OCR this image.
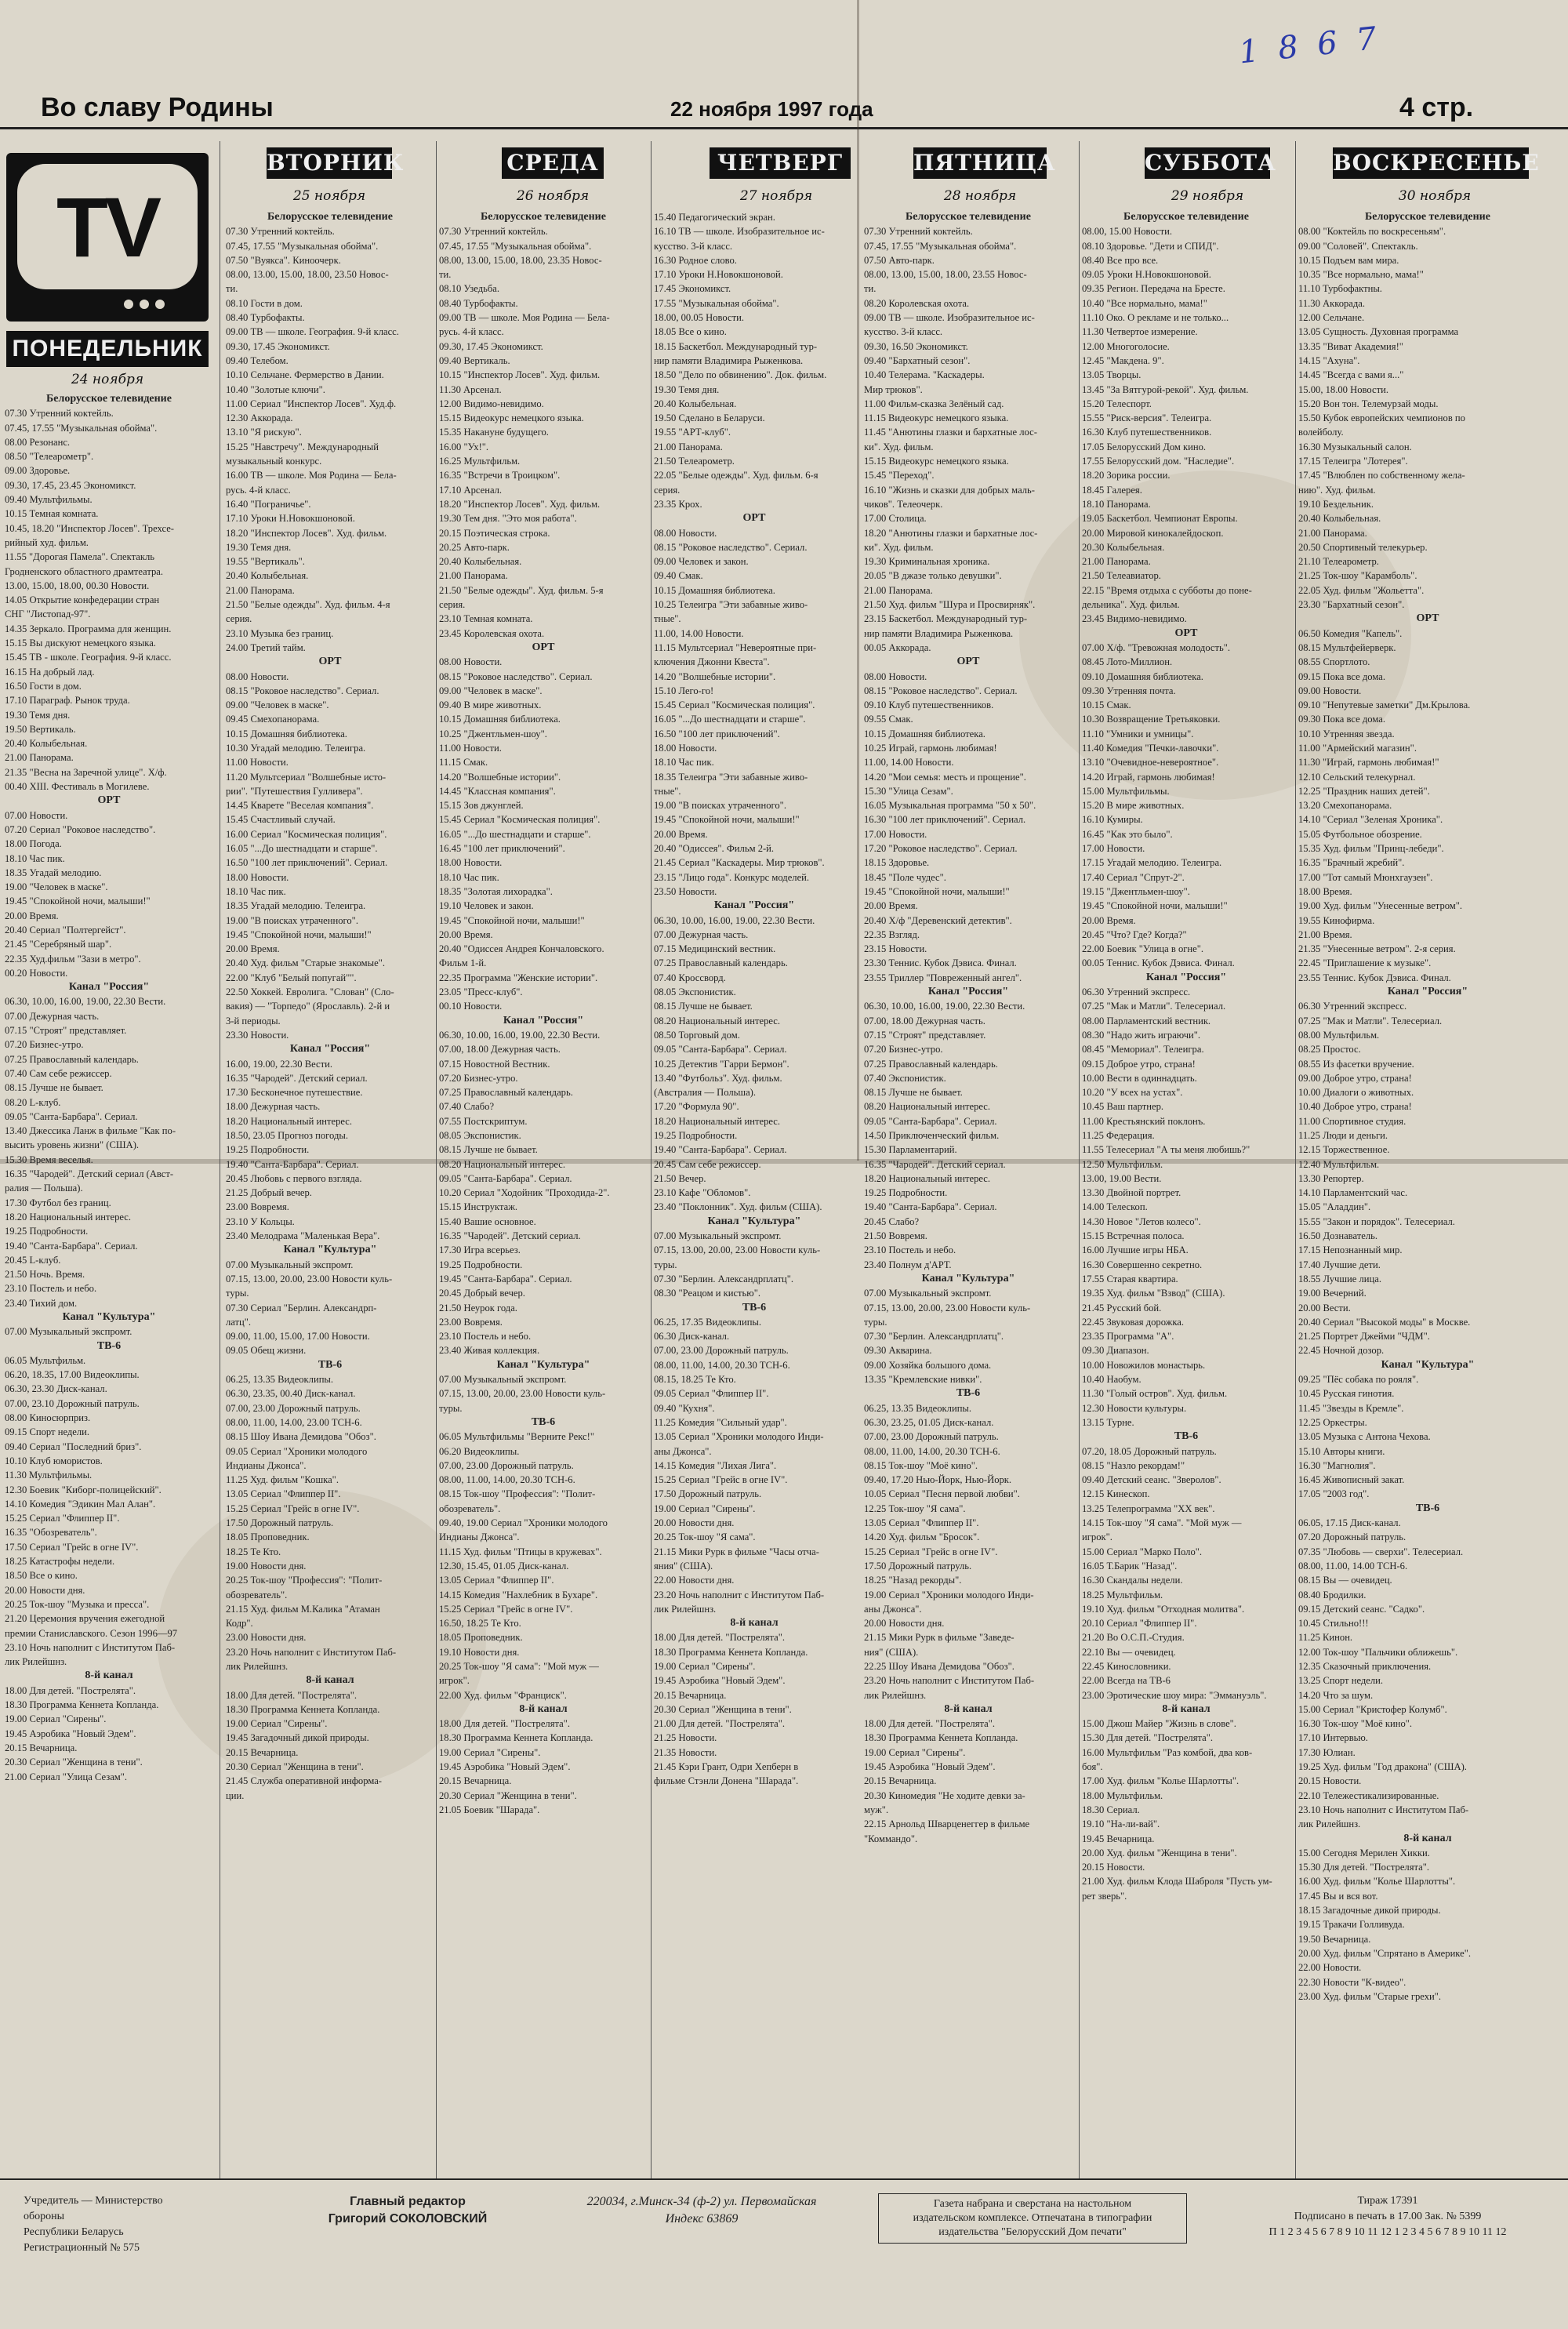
1 8 6 7
Во славу Родины	22 ноября 1997 года	4 стр.
TV
ПОНЕДЕЛЬНИК
24 ноября
ВТОРНИК
25 ноября
СРЕДА
26 ноября
ЧЕТВЕРГ
27 ноября
ПЯТНИЦА
28 ноября
СУББОТА
29 ноября
ВОСКРЕСЕНЬЕ
30 ноября

Белорусское телевидение

07.30 Утренний коктейль.

07.45, 17.55 "Музыкальная обойма".

08.00 Резонанс.

08.50 "Телеарометр".

09.00 Здоровье.

09.30, 17.45, 23.45 Экономикст.

09.40 Мультфильмы.

10.15 Темная комната.

10.45, 18.20 "Инспектор Лосев". Трехсе-

рийный худ. фильм.

11.55 "Дорогая Памела". Спектакль

Гродненского областного драмтеатра.

13.00, 15.00, 18.00, 00.30 Новости.

14.05 Открытие конфедерации стран

СНГ "Листопад-97".

14.35 Зеркало. Программа для женщин.

15.15 Вы дискуют немецкого языка.

15.45 ТВ - школе. География. 9-й класс.

16.15 На добрый лад.

16.50 Гости в дом.

17.10 Параграф. Рынок труда.

19.30 Темя дня.

19.50 Вертикаль.

20.40 Колыбельная.

21.00 Панорама.

21.35 "Весна на Заречной улице". Х/ф.

00.40 XIII. Фестиваль в Могилеве.

ОРТ

07.00 Новости.

07.20 Сериал "Роковое наследство".

18.00 Погода.

18.10 Час пик.

18.35 Угадай мелодию.

19.00 "Человек в маске".

19.45 "Спокойной ночи, малыши!"

20.00 Время.

20.40 Сериал "Полтергейст".

21.45 "Серебряный шар".

22.35 Худ.фильм "Зази в метро".

00.20 Новости.

Канал "Россия"

06.30, 10.00, 16.00, 19.00, 22.30 Вести.

07.00 Дежурная часть.

07.15 "Строят" представляет.

07.20 Бизнес-утро.

07.25 Православный календарь.

07.40 Сам себе режиссер.

08.15 Лучше не бывает.

08.20 L-клуб.

09.05 "Санта-Барбара". Сериал.

13.40 Джессика Ланж в фильме "Как по-

высить уровень жизни" (США).

15.30 Время веселья.

16.35 "Чародей". Детский сериал (Авст-

ралия — Польша).

17.30 Футбол без границ.

18.20 Национальный интерес.

19.25 Подробности.

19.40 "Санта-Барбара". Сериал.

20.45 L-клуб.

21.50 Ночь. Время.

23.10 Постель и небо.

23.40 Тихий дом.

Канал "Культура"

07.00 Музыкальный экспромт.

ТВ-6

06.05 Мультфильм.

06.20, 18.35, 17.00 Видеоклипы.

06.30, 23.30 Диск-канал.

07.00, 23.10 Дорожный патруль.

08.00 Киносюрприз.

09.15 Спорт недели.

09.40 Сериал "Последний бриз".

10.10 Клуб юмористов.

11.30 Мультфильмы.

12.30 Боевик "Киборг-полицейский".

14.10 Комедия "Эдикин Мал Алан".

15.25 Сериал "Флиппер II".

16.35 "Обозреватель".

17.50 Сериал "Грейс в огне IV".

18.25 Катастрофы недели.

18.50 Все о кино.

20.00 Новости дня.

20.25 Ток-шоу "Музыка и пресса".

21.20 Церемония вручения ежегодной

премии Станиславского. Сезон 1996—97

23.10 Ночь наполнит с Институтом Паб-

лик Рилейшнз.

8-й канал

18.00 Для детей. "Пострелята".

18.30 Программа Кеннета Копланда.

19.00 Сериал "Сирены".

19.45 Аэробика "Новый Эдем".

20.15 Вечарница.

20.30 Сериал "Женщина в тени".

21.00 Сериал "Улица Сезам".

Белорусское телевидение

07.30 Утренний коктейль.

07.45, 17.55 "Музыкальная обойма".

07.50 "Вуякса". Киноочерк.

08.00, 13.00, 15.00, 18.00, 23.50 Новос-

ти.

08.10 Гости в дом.

08.40 Турбофакты.

09.00 ТВ — школе. География. 9-й класс.

09.30, 17.45 Экономикст.

09.40 Телебом.

10.10 Сельчане. Фермерство в Дании.

10.40 "Золотые ключи".

11.00 Сериал "Инспектор Лосев". Худ.ф.

12.30 Аккорада.

13.10 "Я рискую".

15.25 "Навстречу". Международный

музыкальный конкурс.

16.00 ТВ — школе. Моя Родина — Бела-

русь. 4-й класс.

16.40 "Пограничье".

17.10 Уроки Н.Новокшоновой.

18.20 "Инспектор Лосев". Худ. фильм.

19.30 Темя дня.

19.55 "Вертикаль".

20.40 Колыбельная.

21.00 Панорама.

21.50 "Белые одежды". Худ. фильм. 4-я

серия.

23.10 Музыка без границ.

24.00 Третий тайм.

ОРТ

08.00 Новости.

08.15 "Роковое наследство". Сериал.

09.00 "Человек в маске".

09.45 Смехопанорама.

10.15 Домашняя библиотека.

10.30 Угадай мелодию. Телеигра.

11.00 Новости.

11.20 Мультсериал "Волшебные исто-

рии". "Путешествия Гулливера".

14.45 Кварете "Веселая компания".

15.45 Счастливый случай.

16.00 Сериал "Космическая полиция".

16.05 "...До шестнадцати и старше".

16.50 "100 лет приключений". Сериал.

18.00 Новости.

18.10 Час пик.

18.35 Угадай мелодию. Телеигра.

19.00 "В поисках утраченного".

19.45 "Спокойной ночи, малыши!"

20.00 Время.

20.40 Худ. фильм "Старые знакомые".

22.00 "Клуб "Белый попугай"".

22.50 Хоккей. Евролига. "Слован" (Сло-

вакия) — "Торпедо" (Ярославль). 2-й и

3-й периоды.

23.30 Новости.

Канал "Россия"

16.00, 19.00, 22.30 Вести.

16.35 "Чародей". Детский сериал.

17.30 Бесконечное путешествие.

18.00 Дежурная часть.

18.20 Национальный интерес.

18.50, 23.05 Прогноз погоды.

19.25 Подробности.

19.40 "Санта-Барбара". Сериал.

20.45 Любовь с первого взгляда.

21.25 Добрый вечер.

23.00 Вовремя.

23.10 У Кольцы.

23.40 Мелодрама "Маленькая Вера".

Канал "Культура"

07.00 Музыкальный экспромт.

07.15, 13.00, 20.00, 23.00 Новости куль-

туры.

07.30 Сериал "Берлин. Александрп-

латц".

09.00, 11.00, 15.00, 17.00 Новости.

09.05 Обещ жизни.

ТВ-6

06.25, 13.35 Видеоклипы.

06.30, 23.35, 00.40 Диск-канал.

07.00, 23.00 Дорожный патруль.

08.00, 11.00, 14.00, 23.00 ТСН-6.

08.15 Шоу Ивана Демидова "Обоз".

09.05 Сериал "Хроники молодого

Индианы Джонса".

11.25 Худ. фильм "Кошка".

13.05 Сериал "Флиппер II".

15.25 Сериал "Грейс в огне IV".

17.50 Дорожный патруль.

18.05 Проповедник.

18.25 Те Кто.

19.00 Новости дня.

20.25 Ток-шоу "Профессия": "Полит-

обозреватель".

21.15 Худ. фильм М.Калика "Атаман

Кодр".

23.00 Новости дня.

23.20 Ночь наполнит с Институтом Паб-

лик Рилейшнз.

8-й канал

18.00 Для детей. "Пострелята".

18.30 Программа Кеннета Копланда.

19.00 Сериал "Сирены".

19.45 Загадочный дикой природы.

20.15 Вечарница.

20.30 Сериал "Женщина в тени".

21.45 Служба оперативной информа-

ции.

Белорусское телевидение

07.30 Утренний коктейль.

07.45, 17.55 "Музыкальная обойма".

08.00, 13.00, 15.00, 18.00, 23.35 Новос-

ти.

08.10 Узедьба.

08.40 Турбофакты.

09.00 ТВ — школе. Моя Родина — Бела-

русь. 4-й класс.

09.30, 17.45 Экономикст.

09.40 Вертикаль.

10.15 "Инспектор Лосев". Худ. фильм.

11.30 Арсенал.

12.00 Видимо-невидимо.

15.15 Видеокурс немецкого языка.

15.35 Накануне будущего.

16.00 "Ух!".

16.25 Мультфильм.

16.35 "Встречи в Троицком".

17.10 Арсенал.

18.20 "Инспектор Лосев". Худ. фильм.

19.30 Тем дня. "Это моя работа".

20.15 Поэтическая строка.

20.25 Авто-парк.

20.40 Колыбельная.

21.00 Панорама.

21.50 "Белые одежды". Худ. фильм. 5-я

серия.

23.10 Темная комната.

23.45 Королевская охота.

ОРТ

08.00 Новости.

08.15 "Роковое наследство". Сериал.

09.00 "Человек в маске".

09.40 В мире животных.

10.15 Домашняя библиотека.

10.25 "Джентльмен-шоу".

11.00 Новости.

11.15 Смак.

14.20 "Волшебные истории".

14.45 "Классная компания".

15.15 Зов джунглей.

15.45 Сериал "Космическая полиция".

16.05 "...До шестнадцати и старше".

16.45 "100 лет приключений".

18.00 Новости.

18.10 Час пик.

18.35 "Золотая лихорадка".

19.10 Человек и закон.

19.45 "Спокойной ночи, малыши!"

20.00 Время.

20.40 "Одиссея Андрея Кончаловского.

Фильм 1-й.

22.35 Программа "Женские истории".

23.05 "Пресс-клуб".

00.10 Новости.

Канал "Россия"

06.30, 10.00, 16.00, 19.00, 22.30 Вести.

07.00, 18.00 Дежурная часть.

07.15 Новостной Вестник.

07.20 Бизнес-утро.

07.25 Православный календарь.

07.40 Слабо?

07.55 Постскриптум.

08.05 Экспонистик.

08.15 Лучше не бывает.

08.20 Национальный интерес.

09.05 "Санта-Барбара". Сериал.

10.20 Сериал "Ходойник "Проходида-2".

15.15 Инструктаж.

15.40 Вашие основное.

16.35 "Чародей". Детский сериал.

17.30 Игра всерьез.

19.25 Подробности.

19.45 "Санта-Барбара". Сериал.

20.45 Добрый вечер.

21.50 Неурок года.

23.00 Вовремя.

23.10 Постель и небо.

23.40 Живая коллекция.

Канал "Культура"

07.00 Музыкальный экспромт.

07.15, 13.00, 20.00, 23.00 Новости куль-

туры.

ТВ-6

06.05 Мультфильмы "Верните Рекс!"

06.20 Видеоклипы.

07.00, 23.00 Дорожный патруль.

08.00, 11.00, 14.00, 20.30 ТСН-6.

08.15 Ток-шоу "Профессия": "Полит-

обозреватель".

09.40, 19.00 Сериал "Хроники молодого

Индианы Джонса".

11.15 Худ. фильм "Птицы в кружевах".

12.30, 15.45, 01.05 Диск-канал.

13.05 Сериал "Флиппер II".

14.15 Комедия "Нахлебник в Бухаре".

15.25 Сериал "Грейс в огне IV".

16.50, 18.25 Те Кто.

18.05 Проповедник.

19.10 Новости дня.

20.25 Ток-шоу "Я сама": "Мой муж —

игрок".

22.00 Худ. фильм "Франциск".

8-й канал

18.00 Для детей. "Пострелята".

18.30 Программа Кеннета Копланда.

19.00 Сериал "Сирены".

19.45 Аэробика "Новый Эдем".

20.15 Вечарница.

20.30 Сериал "Женщина в тени".

21.05 Боевик "Шарада".

15.40 Педагогический экран.

16.10 ТВ — школе. Изобразительное ис-

кусство. 3-й класс.

16.30 Родное слово.

17.10 Уроки Н.Новокшоновой.

17.45 Экономикст.

17.55 "Музыкальная обойма".

18.00, 00.05 Новости.

18.05 Все о кино.

18.15 Баскетбол. Международный тур-

нир памяти Владимира Рыженкова.

18.50 "Дело по обвинению". Док. фильм.

19.30 Темя дня.

20.40 Колыбельная.

19.50 Сделано в Беларуси.

19.55 "АРТ-клуб".

21.00 Панорама.

21.50 Телеарометр.

22.05 "Белые одежды". Худ. фильм. 6-я

серия.

23.35 Крох.

ОРТ

08.00 Новости.

08.15 "Роковое наследство". Сериал.

09.00 Человек и закон.

09.40 Смак.

10.15 Домашняя библиотека.

10.25 Телеигра "Эти забавные живо-

тные".

11.00, 14.00 Новости.

11.15 Мультсериал "Невероятные при-

ключения Джонни Квеста".

14.20 "Волшебные истории".

15.10 Лего-го!

15.45 Сериал "Космическая полиция".

16.05 "...До шестнадцати и старше".

16.50 "100 лет приключений".

18.00 Новости.

18.10 Час пик.

18.35 Телеигра "Эти забавные живо-

тные".

19.00 "В поисках утраченного".

19.45 "Спокойной ночи, малыши!"

20.00 Время.

20.40 "Одиссея". Фильм 2-й.

21.45 Сериал "Каскадеры. Мир трюков".

23.15 "Лицо года". Конкурс моделей.

23.50 Новости.

Канал "Россия"

06.30, 10.00, 16.00, 19.00, 22.30 Вести.

07.00 Дежурная часть.

07.15 Медицинский вестник.

07.25 Православный календарь.

07.40 Кроссворд.

08.05 Экспонистик.

08.15 Лучше не бывает.

08.20 Национальный интерес.

08.50 Торговый дом.

09.05 "Санта-Барбара". Сериал.

10.25 Детектив "Гарри Бермон".

13.40 "Футбольз". Худ. фильм.

(Австралия — Польша).

17.20 "Формула 90".

18.20 Национальный интерес.

19.25 Подробности.

19.40 "Санта-Барбара". Сериал.

20.45 Сам себе режиссер.

21.50 Вечер.

23.10 Кафе "Обломов".

23.40 "Поклонник". Худ. фильм (США).

Канал "Культура"

07.00 Музыкальный экспромт.

07.15, 13.00, 20.00, 23.00 Новости куль-

туры.

07.30 "Берлин. Александрплатц".

08.30 "Реацом и кистью".

ТВ-6

06.25, 17.35 Видеоклипы.

06.30 Диск-канал.

07.00, 23.00 Дорожный патруль.

08.00, 11.00, 14.00, 20.30 ТСН-6.

08.15, 18.25 Те Кто.

09.05 Сериал "Флиппер II".

09.40 "Кухня".

11.25 Комедия "Сильный удар".

13.05 Сериал "Хроники молодого Инди-

аны Джонса".

14.15 Комедия "Лихая Лига".

15.25 Сериал "Грейс в огне IV".

17.50 Дорожный патруль.

19.00 Сериал "Сирены".

20.00 Новости дня.

20.25 Ток-шоу "Я сама".

21.15 Мики Рурк в фильме "Часы отча-

яния" (США).

22.00 Новости дня.

23.20 Ночь наполнит с Институтом Паб-

лик Рилейшнз.

8-й канал

18.00 Для детей. "Пострелята".

18.30 Программа Кеннета Копланда.

19.00 Сериал "Сирены".

19.45 Аэробика "Новый Эдем".

20.15 Вечарница.

20.30 Сериал "Женщина в тени".

21.00 Для детей. "Пострелята".

21.25 Новости.

21.35 Новости.

21.45 Кэри Грант, Одри Хепберн в

фильме Стэнли Донена "Шарада".

Белорусское телевидение

07.30 Утренний коктейль.

07.45, 17.55 "Музыкальная обойма".

07.50 Авто-парк.

08.00, 13.00, 15.00, 18.00, 23.55 Новос-

ти.

08.20 Королевская охота.

09.00 ТВ — школе. Изобразительное ис-

кусство. 3-й класс.

09.30, 16.50 Экономикст.

09.40 "Бархатный сезон".

10.40 Телерама. "Каскадеры.

Мир трюков".

11.00 Фильм-сказка Зелёный сад.

11.15 Видеокурс немецкого языка.

11.45 "Анютины глазки и бархатные лос-

ки". Худ. фильм.

15.15 Видеокурс немецкого языка.

15.45 "Переход".

16.10 "Жизнь и сказки для добрых маль-

чиков". Телеочерк.

17.00 Столица.

18.20 "Анютины глазки и бархатные лос-

ки". Худ. фильм.

19.30 Криминальная хроника.

20.05 "В джазе только девушки".

21.00 Панорама.

21.50 Худ. фильм "Шура и Просвирняк".

23.15 Баскетбол. Международный тур-

нир памяти Владимира Рыженкова.

00.05 Аккорада.

ОРТ

08.00 Новости.

08.15 "Роковое наследство". Сериал.

09.10 Клуб путешественников.

09.55 Смак.

10.15 Домашняя библиотека.

10.25 Играй, гармонь любимая!

11.00, 14.00 Новости.

14.20 "Мои семья: месть и прощение".

15.30 "Улица Сезам".

16.05 Музыкальная программа "50 х 50".

16.30 "100 лет приключений". Сериал.

17.00 Новости.

17.20 "Роковое наследство". Сериал.

18.15 Здоровье.

18.45 "Поле чудес".

19.45 "Спокойной ночи, малыши!"

20.00 Время.

20.40 Х/ф "Деревенский детектив".

22.35 Взгляд.

23.15 Новости.

23.30 Теннис. Кубок Дэвиса. Финал.

23.55 Триллер "Повреженный ангел".

Канал "Россия"

06.30, 10.00, 16.00, 19.00, 22.30 Вести.

07.00, 18.00 Дежурная часть.

07.15 "Строят" представляет.

07.20 Бизнес-утро.

07.25 Православный календарь.

07.40 Экспонистик.

08.15 Лучше не бывает.

08.20 Национальный интерес.

09.05 "Санта-Барбара". Сериал.

14.50 Приключенческий фильм.

15.30 Парламентарий.

16.35 "Чародей". Детский сериал.

18.20 Национальный интерес.

19.25 Подробности.

19.40 "Санта-Барбара". Сериал.

20.45 Слабо?

21.50 Вовремя.

23.10 Постель и небо.

23.40 Полнум д'АРТ.

Канал "Культура"

07.00 Музыкальный экспромт.

07.15, 13.00, 20.00, 23.00 Новости куль-

туры.

07.30 "Берлин. Александрплатц".

09.30 Акварина.

09.00 Хозяйка большого дома.

13.35 "Кремлевские нивки".

ТВ-6

06.25, 13.35 Видеоклипы.

06.30, 23.25, 01.05 Диск-канал.

07.00, 23.00 Дорожный патруль.

08.00, 11.00, 14.00, 20.30 ТСН-6.

08.15 Ток-шоу "Моё кино".

09.40, 17.20 Нью-Йорк, Нью-Йорк.

10.05 Сериал "Песня первой любви".

12.25 Ток-шоу "Я сама".

13.05 Сериал "Флиппер II".

14.20 Худ. фильм "Бросок".

15.25 Сериал "Грейс в огне IV".

17.50 Дорожный патруль.

18.25 "Назад рекорды".

19.00 Сериал "Хроники молодого Инди-

аны Джонса".

20.00 Новости дня.

21.15 Мики Рурк в фильме "Заведе-

ния" (США).

22.25 Шоу Ивана Демидова "Обоз".

23.20 Ночь наполнит с Институтом Паб-

лик Рилейшнз.

8-й канал

18.00 Для детей. "Пострелята".

18.30 Программа Кеннета Копланда.

19.00 Сериал "Сирены".

19.45 Аэробика "Новый Эдем".

20.15 Вечарница.

20.30 Киномедия "Не ходите девки за-

муж".

22.15 Арнольд Шварценеггер в фильме

"Коммандо".

Белорусское телевидение

08.00, 15.00 Новости.

08.10 Здоровье. "Дети и СПИД".

08.40 Все про все.

09.05 Уроки Н.Новокшоновой.

09.35 Регион. Передача на Бресте.

10.40 "Все нормально, мама!"

11.10 Око. О рекламе и не только...

11.30 Четвертое измерение.

12.00 Многоголосие.

12.45 "Макдена. 9".

13.05 Творцы.

13.45 "За Вятгурой-рекой". Худ. фильм.

15.20 Телеспорт.

15.55 "Риск-версия". Телеигра.

16.30 Клуб путешественников.

17.05 Белорусский Дом кино.

17.55 Белорусский дом. "Наследие".

18.20 Зорика россии.

18.45 Галерея.

18.10 Панорама.

19.05 Баскетбол. Чемпионат Европы.

20.00 Мировой кинокалейдоскоп.

20.30 Колыбельная.

21.00 Панорама.

21.50 Телеавиатор.

22.15 "Время отдыха с субботы до поне-

дельника". Худ. фильм.

23.45 Видимо-невидимо.

ОРТ

07.00 Х/ф. "Тревожная молодость".

08.45 Лото-Миллион.

09.10 Домашняя библиотека.

09.30 Утренняя почта.

10.15 Смак.

10.30 Возвращение Третьяковки.

11.10 "Умники и умницы".

11.40 Комедия "Печки-лавочки".

13.10 "Очевидное-невероятное".

14.20 Играй, гармонь любимая!

15.00 Мультфильмы.

15.20 В мире животных.

16.10 Кумиры.

16.45 "Как это было".

17.00 Новости.

17.15 Угадай мелодию. Телеигра.

17.40 Сериал "Спрут-2".

19.15 "Джентльмен-шоу".

19.45 "Спокойной ночи, малыши!"

20.00 Время.

20.45 "Что? Где? Когда?"

22.00 Боевик "Улица в огне".

00.05 Теннис. Кубок Дэвиса. Финал.

Канал "Россия"

06.30 Утренний экспресс.

07.25 "Мак и Матли". Телесериал.

08.00 Парламентский вестник.

08.30 "Надо жить играючи".

08.45 "Мемориал". Телеигра.

09.15 Доброе утро, страна!

10.00 Вести в одиннадцать.

10.20 "У всех на устах".

10.45 Ваш партнер.

11.00 Крестьянский поклонъ.

11.25 Федерация.

11.55 Телесериал "А ты меня любишь?"

12.50 Мультфильм.

13.00, 19.00 Вести.

13.30 Двойной портрет.

14.00 Телескоп.

14.30 Новое "Летов колесо".

15.15 Встречная полоса.

16.00 Лучшие игры НБА.

16.30 Совершенно секретно.

17.55 Старая квартира.

19.35 Худ. фильм "Взвод" (США).

21.45 Русский бой.

22.45 Звуковая дорожка.

23.35 Программа "А".

09.30 Диапазон.

10.00 Новожилов монастырь.

10.40 Наобум.

11.30 "Голый остров". Худ. фильм.

12.30 Новости культуры.

13.15 Турне.

ТВ-6

07.20, 18.05 Дорожный патруль.

08.15 "Назло рекордам!"

09.40 Детский сеанс. "Зверолов".

12.15 Кинескоп.

13.25 Телепрограмма "XX век".

14.15 Ток-шоу "Я сама". "Мой муж —

игрок".

15.00 Сериал "Марко Поло".

16.05 Т.Барик "Назад".

16.30 Скандалы недели.

18.25 Мультфильм.

19.10 Худ. фильм "Отходная молитва".

20.10 Сериал "Флиппер II".

21.20 Во О.С.П.-Студия.

22.10 Вы — очевидец.

22.45 Кинословники.

22.00 Всегда на ТВ-6

23.00 Эротические шоу мира: "Эммануэль".

8-й канал

15.00 Джош Майер "Жизнь в слове".

15.30 Для детей. "Пострелята".

16.00 Мультфильм "Раз комбой, два ков-

боя".

17.00 Худ. фильм "Колье Шарлотты".

18.00 Мультфильм.

18.30 Сериал.

19.10 "На-ли-вай".

19.45 Вечарница.

20.00 Худ. фильм "Женщина в тени".

20.15 Новости.

21.00 Худ. фильм Клода Шаброля "Пусть ум-

рет зверь".

Белорусское телевидение

08.00 "Коктейль по воскресеньям".

09.00 "Соловей". Спектакль.

10.15 Подъем вам мира.

10.35 "Все нормально, мама!"

11.10 Турбофактны.

11.30 Аккорада.

12.00 Сельчане.

13.05 Сущность. Духовная программа

13.35 "Виват Академия!"

14.15 "Ахуна".

14.45 "Всегда с вами я..."

15.00, 18.00 Новости.

15.20 Вон тон. Телемурзай моды.

15.50 Кубок европейских чемпионов по

волейболу.

16.30 Музыкальный салон.

17.15 Телеигра "Лотерея".

17.45 "Влюблен по собственному жела-

нию". Худ. фильм.

19.10 Бездельник.

20.40 Колыбельная.

21.00 Панорама.

20.50 Спортивный телекурьер.

21.10 Телеарометр.

21.25 Ток-шоу "Карамболь".

22.05 Худ. фильм "Жольетта".

23.30 "Бархатный сезон".

ОРТ

06.50 Комедия "Капель".

08.15 Мультфейерверк.

08.55 Спортлото.

09.15 Пока все дома.

09.00 Новости.

09.10 "Непутевые заметки" Дм.Крылова.

09.30 Пока все дома.

10.10 Утренняя звезда.

11.00 "Армейский магазин".

11.30 "Играй, гармонь любимая!"

12.10 Сельский телекурнал.

12.25 "Праздник наших детей".

13.20 Смехопанорама.

14.10 "Сериал "Зеленая Хроника".

15.05 Футбольное обозрение.

15.35 Худ. фильм "Принц-лебеди".

16.35 "Брачный жребий".

17.00 "Тот самый Мюнхгаузен".

18.00 Время.

19.00 Худ. фильм "Унесенные ветром".

19.55 Кинофирма.

21.00 Время.

21.35 "Унесенные ветром". 2-я серия.

22.45 "Приглашение к музыке".

23.55 Теннис. Кубок Дэвиса. Финал.

Канал "Россия"

06.30 Утренний экспресс.

07.25 "Мак и Матли". Телесериал.

08.00 Мультфильм.

08.25 Простос.

08.55 Из фасетки вручение.

09.00 Доброе утро, страна!

10.00 Диалоги о животных.

10.40 Доброе утро, страна!

11.00 Спортивное студия.

11.25 Люди и деньги.

12.15 Торжественное.

12.40 Мультфильм.

13.30 Репортер.

14.10 Парламентский час.

15.05 "Аладдин".

15.55 "Закон и порядок". Телесериал.

16.50 Дознаватель.

17.15 Непознанный мир.

17.40 Лучшие дети.

18.55 Лучшие лица.

19.00 Вечерний.

20.00 Вести.

20.40 Сериал "Высокой моды" в Москве.

21.25 Портрет Джейми "ЧДМ".

22.45 Ночной дозор.

Канал "Культура"

09.25 "Пёс собака по рояля".

10.45 Русская гинотия.

11.45 "Звезды в Кремле".

12.25 Оркестры.

13.05 Музыка с Антона Чехова.

15.10 Авторы книги.

16.30 "Магнолия".

16.45 Живописный закат.

17.05 "2003 год".

ТВ-6

06.05, 17.15 Диск-канал.

07.20 Дорожный патруль.

07.35 "Любовь — сверхи". Телесериал.

08.00, 11.00, 14.00 ТСН-6.

08.15 Вы — очевидец.

08.40 Бродилки.

09.15 Детский сеанс. "Садко".

10.45 Стильно!!!

11.25 Кинон.

12.00 Ток-шоу "Пальчики оближешь".

12.35 Сказочный приключения.

13.25 Спорт недели.

14.20 Что за шум.

15.00 Сериал "Кристофер Колумб".

16.30 Ток-шоу "Моё кино".

17.10 Интервью.

17.30 Юлиан.

19.25 Худ. фильм "Год дракона" (США).

20.15 Новости.

22.10 Тележестикализированные.

23.10 Ночь наполнит с Институтом Паб-

лик Рилейшнз.

8-й канал

15.00 Сегодня Мерилен Хикки.

15.30 Для детей. "Пострелята".

16.00 Худ. фильм "Колье Шарлотты".

17.45 Вы и вся вот.

18.15 Загадочные дикой природы.

19.15 Тракачи Голливуда.

19.50 Вечарница.

20.00 Худ. фильм "Спрятано в Америке".

22.00 Новости.

22.30 Новости "К-видео".

23.00 Худ. фильм "Старые грехи".

Учредитель — Министерство обороны
Республики Беларусь
Регистрационный № 575
Главный редактор
Григорий СОКОЛОВСКИЙ
220034, г.Минск-34 (ф-2) ул. Первомайская
Индекс 63869
Газета набрана и сверстана на настольном
издательском комплексе. Отпечатана в типографии
издательства "Белорусский Дом печати"
Тираж 17391
Подписано в печать в 17.00 Зак. № 5399
П 1 2 3 4 5 6 7 8 9 10 11 12 1 2 3 4 5 6 7 8 9 10 11 12
